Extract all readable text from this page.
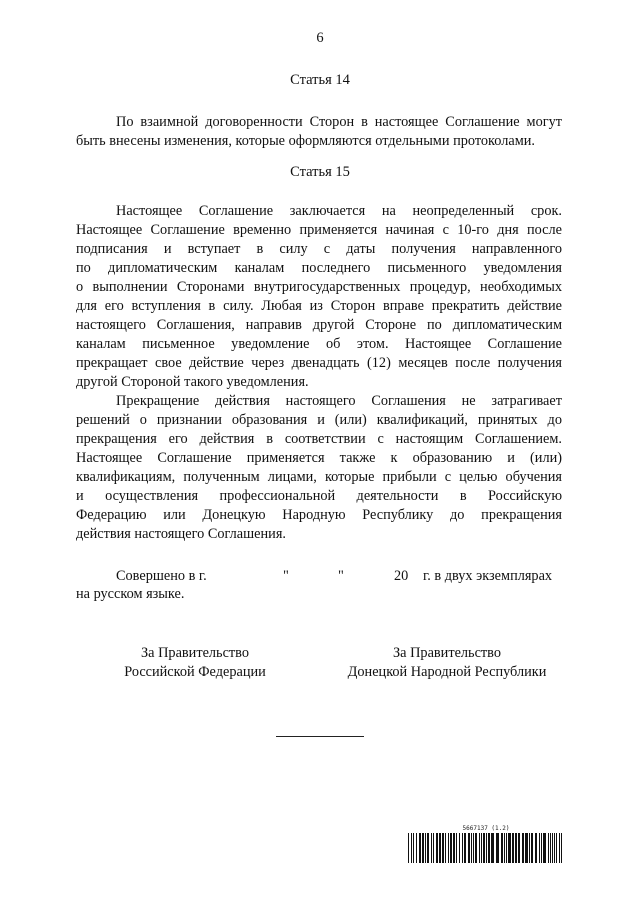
6
Статья 14
По взаимной договоренности Сторон в настоящее Соглашение могут
быть внесены изменения, которые оформляются отдельными протоколами.
Статья 15
Настоящее Соглашение заключается на неопределенный срок.
Настоящее Соглашение временно применяется начиная с 10-го дня после
подписания и вступает в силу с даты получения направленного
по дипломатическим каналам последнего письменного уведомления
о выполнении Сторонами внутригосударственных процедур, необходимых
для его вступления в силу. Любая из Сторон вправе прекратить действие
настоящего Соглашения, направив другой Стороне по дипломатическим
каналам письменное уведомление об этом. Настоящее Соглашение
прекращает свое действие через двенадцать (12) месяцев после получения
другой Стороной такого уведомления.
Прекращение действия настоящего Соглашения не затрагивает
решений о признании образования и (или) квалификаций, принятых до
прекращения его действия в соответствии с настоящим Соглашением.
Настоящее Соглашение применяется также к образованию и (или)
квалификациям, полученным лицами, которые прибыли с целью обучения
и осуществления профессиональной деятельности в Российскую
Федерацию или Донецкую Народную Республику до прекращения
действия настоящего Соглашения.
Совершено в г.	"	"	20 г. в двух экземплярах
на русском языке.
За Правительство
Российской Федерации
За Правительство
Донецкой Народной Республики
5667137 (1.2)
